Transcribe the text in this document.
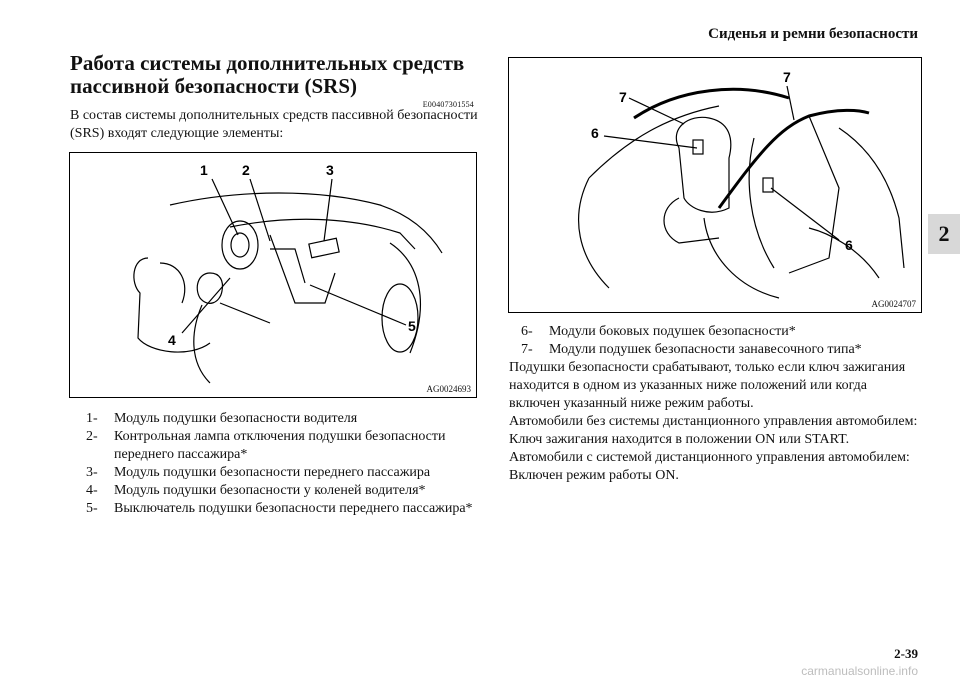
Сиденья и ремни безопасности
2
Работа системы дополнительных средств пассивной безопасности (SRS)
E00407301554
В состав системы дополнительных средств пассивной безопасности (SRS) входят следующие элементы:
1 2	3
4
5
AG0024693
7
7
6
6
AG0024707
1-	Модуль подушки безопасности водителя
2-	Контрольная лампа отключения подушки безопасности переднего пассажира*
3-	Модуль подушки безопасности переднего пассажира
4-	Модуль подушки безопасности у коленей водителя*
5-	Выключатель подушки безопасности переднего пассажира*
6-	Модули боковых подушек безопасности*
7-	Модули подушек безопасности занавесочного типа*

Подушки безопасности срабатывают, только если ключ зажигания находится в одном из указанных ниже положений или когда включен указанный ниже режим работы.

Автомобили без системы дистанционного управления автомобилем: Ключ зажигания находится в положении ON или START.

Автомобили с системой дистанционного управления автомобилем: Включен режим работы ON.

2-39
carmanualsonline.info
